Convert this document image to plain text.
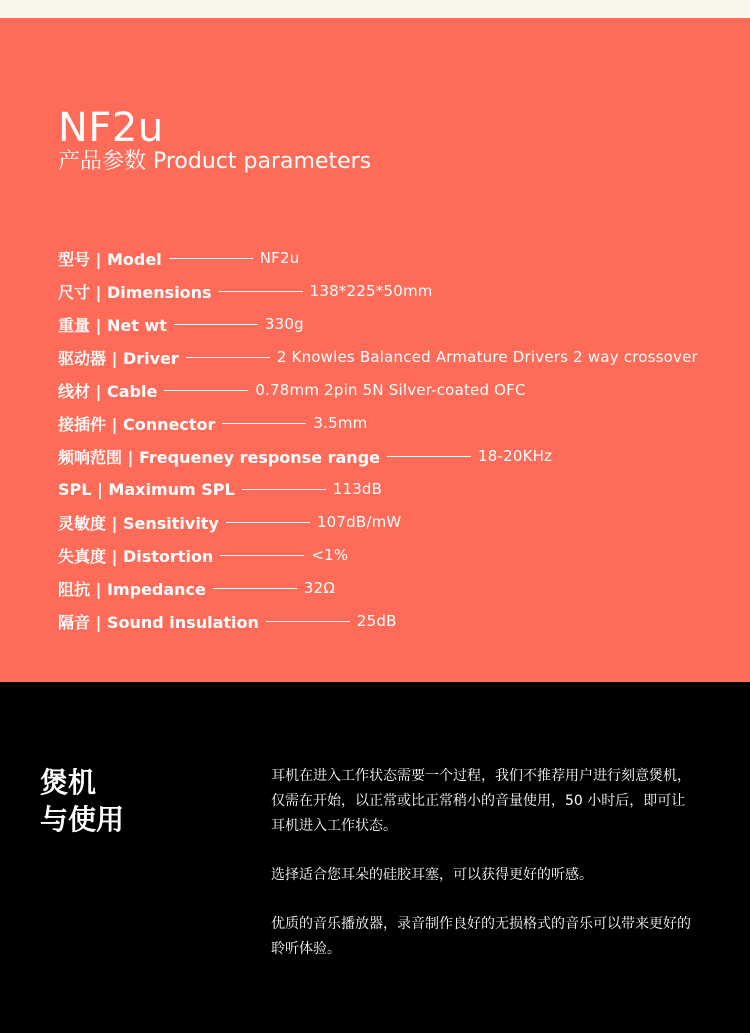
NF2u
产品参数 Product parameters
型号 | Model	NF2u
尺寸 | Dimensions	138*225*50mm
重量 | Net wt	330g
驱动器 | Driver	2 Knowles Balanced Armature Drivers 2 way crossover
线材 | Cable	0.78mm 2pin 5N Silver-coated OFC
接插件 | Connector	3.5mm
频响范围 | Frequeney response range	18-20KHz
SPL | Maximum SPL	113dB
灵敏度 | Sensitivity	107dB/mW
失真度 | Distortion	<1%
阻抗 | Impedance	32Ω
隔音 | Sound insulation	25dB
煲机
与使用

耳机在进入工作状态需要一个过程，我们不推荐用户进行刻意煲机，仅需在开始，以正常或比正常稍小的音量使用，50 小时后，即可让耳机进入工作状态。

选择适合您耳朵的硅胶耳塞，可以获得更好的听感。

优质的音乐播放器，录音制作良好的无损格式的音乐可以带来更好的聆听体验。
